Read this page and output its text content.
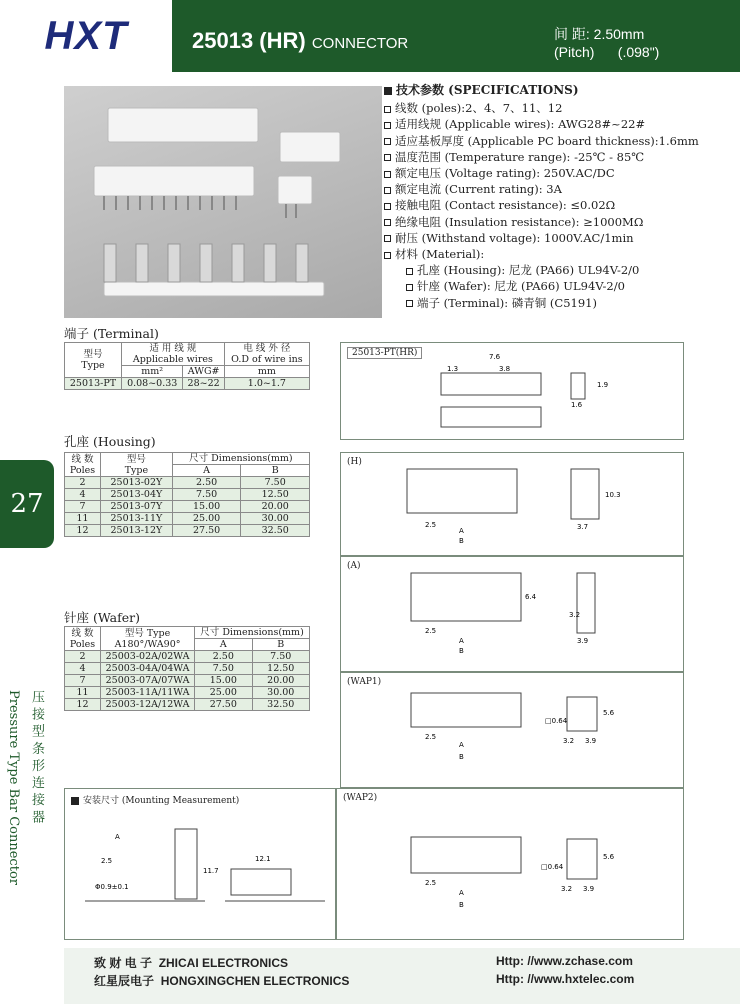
HXT	25013 (HR) CONNECTOR
间 距: 2.50mm
(Pitch) (.098")
技术参数 (SPECIFICATIONS)
线数 (poles):2、4、7、11、12
适用线规 (Applicable wires): AWG28#~22#
适应基板厚度 (Applicable PC board thickness):1.6mm
温度范围 (Temperature range): -25℃ - 85℃
额定电压 (Voltage rating): 250V.AC/DC
额定电流 (Current rating): 3A
接触电阻 (Contact resistance): ≤0.02Ω
绝缘电阻 (Insulation resistance): ≥1000MΩ
耐压 (Withstand voltage): 1000V.AC/1min
材料 (Material):
孔座 (Housing): 尼龙 (PA66) UL94V-2/0
针座 (Wafer): 尼龙 (PA66) UL94V-2/0
端子 (Terminal): 磷青铜 (C5191)
端子 (Terminal)
型号
Type	适 用 线 规
Applicable wires		电 线 外 径
O.D of wire ins
	mm²	AWG#	mm
25013-PT	0.08~0.33	28~22	1.0~1.7
孔座 (Housing)
线 数
Poles	型号
Type	尺寸 Dimensions(mm)	
		A	B
2	25013-02Y	2.50	7.50
4	25013-04Y	7.50	12.50
7	25013-07Y	15.00	20.00
11	25013-11Y	25.00	30.00
12	25013-12Y	27.50	32.50
针座 (Wafer)
线 数
Poles	型号 Type
A180°/WA90°	尺寸 Dimensions(mm)	
		A	B
2	25003-02A/02WA	2.50	7.50
4	25003-04A/04WA	7.50	12.50
7	25003-07A/07WA	15.00	20.00
11	25003-11A/11WA	25.00	30.00
12	25003-12A/12WA	27.50	32.50
25013-PT(HR)	7.6
1.3	3.8
1.9
1.6
(H)
2.5
A
B
10.3
3.7
(A)
6.4
2.5
A
B
3.2
3.9
(WAP1)
□0.64
2.5
A
B
5.6
3.2 3.9
安装尺寸 (Mounting Measurement)
A
2.5
Φ0.9±0.1
11.7
12.1
(WAP2)
□0.64
2.5
A
B
5.6
3.2 3.9
27
压 接 型 条 形 连 接 器
Pressure Type Bar Connector
致 财 电 子 ZHICAI ELECTRONICS
红星辰电子 HONGXINGCHEN ELECTRONICS
Http: //www.zchase.com
Http: //www.hxtelec.com
